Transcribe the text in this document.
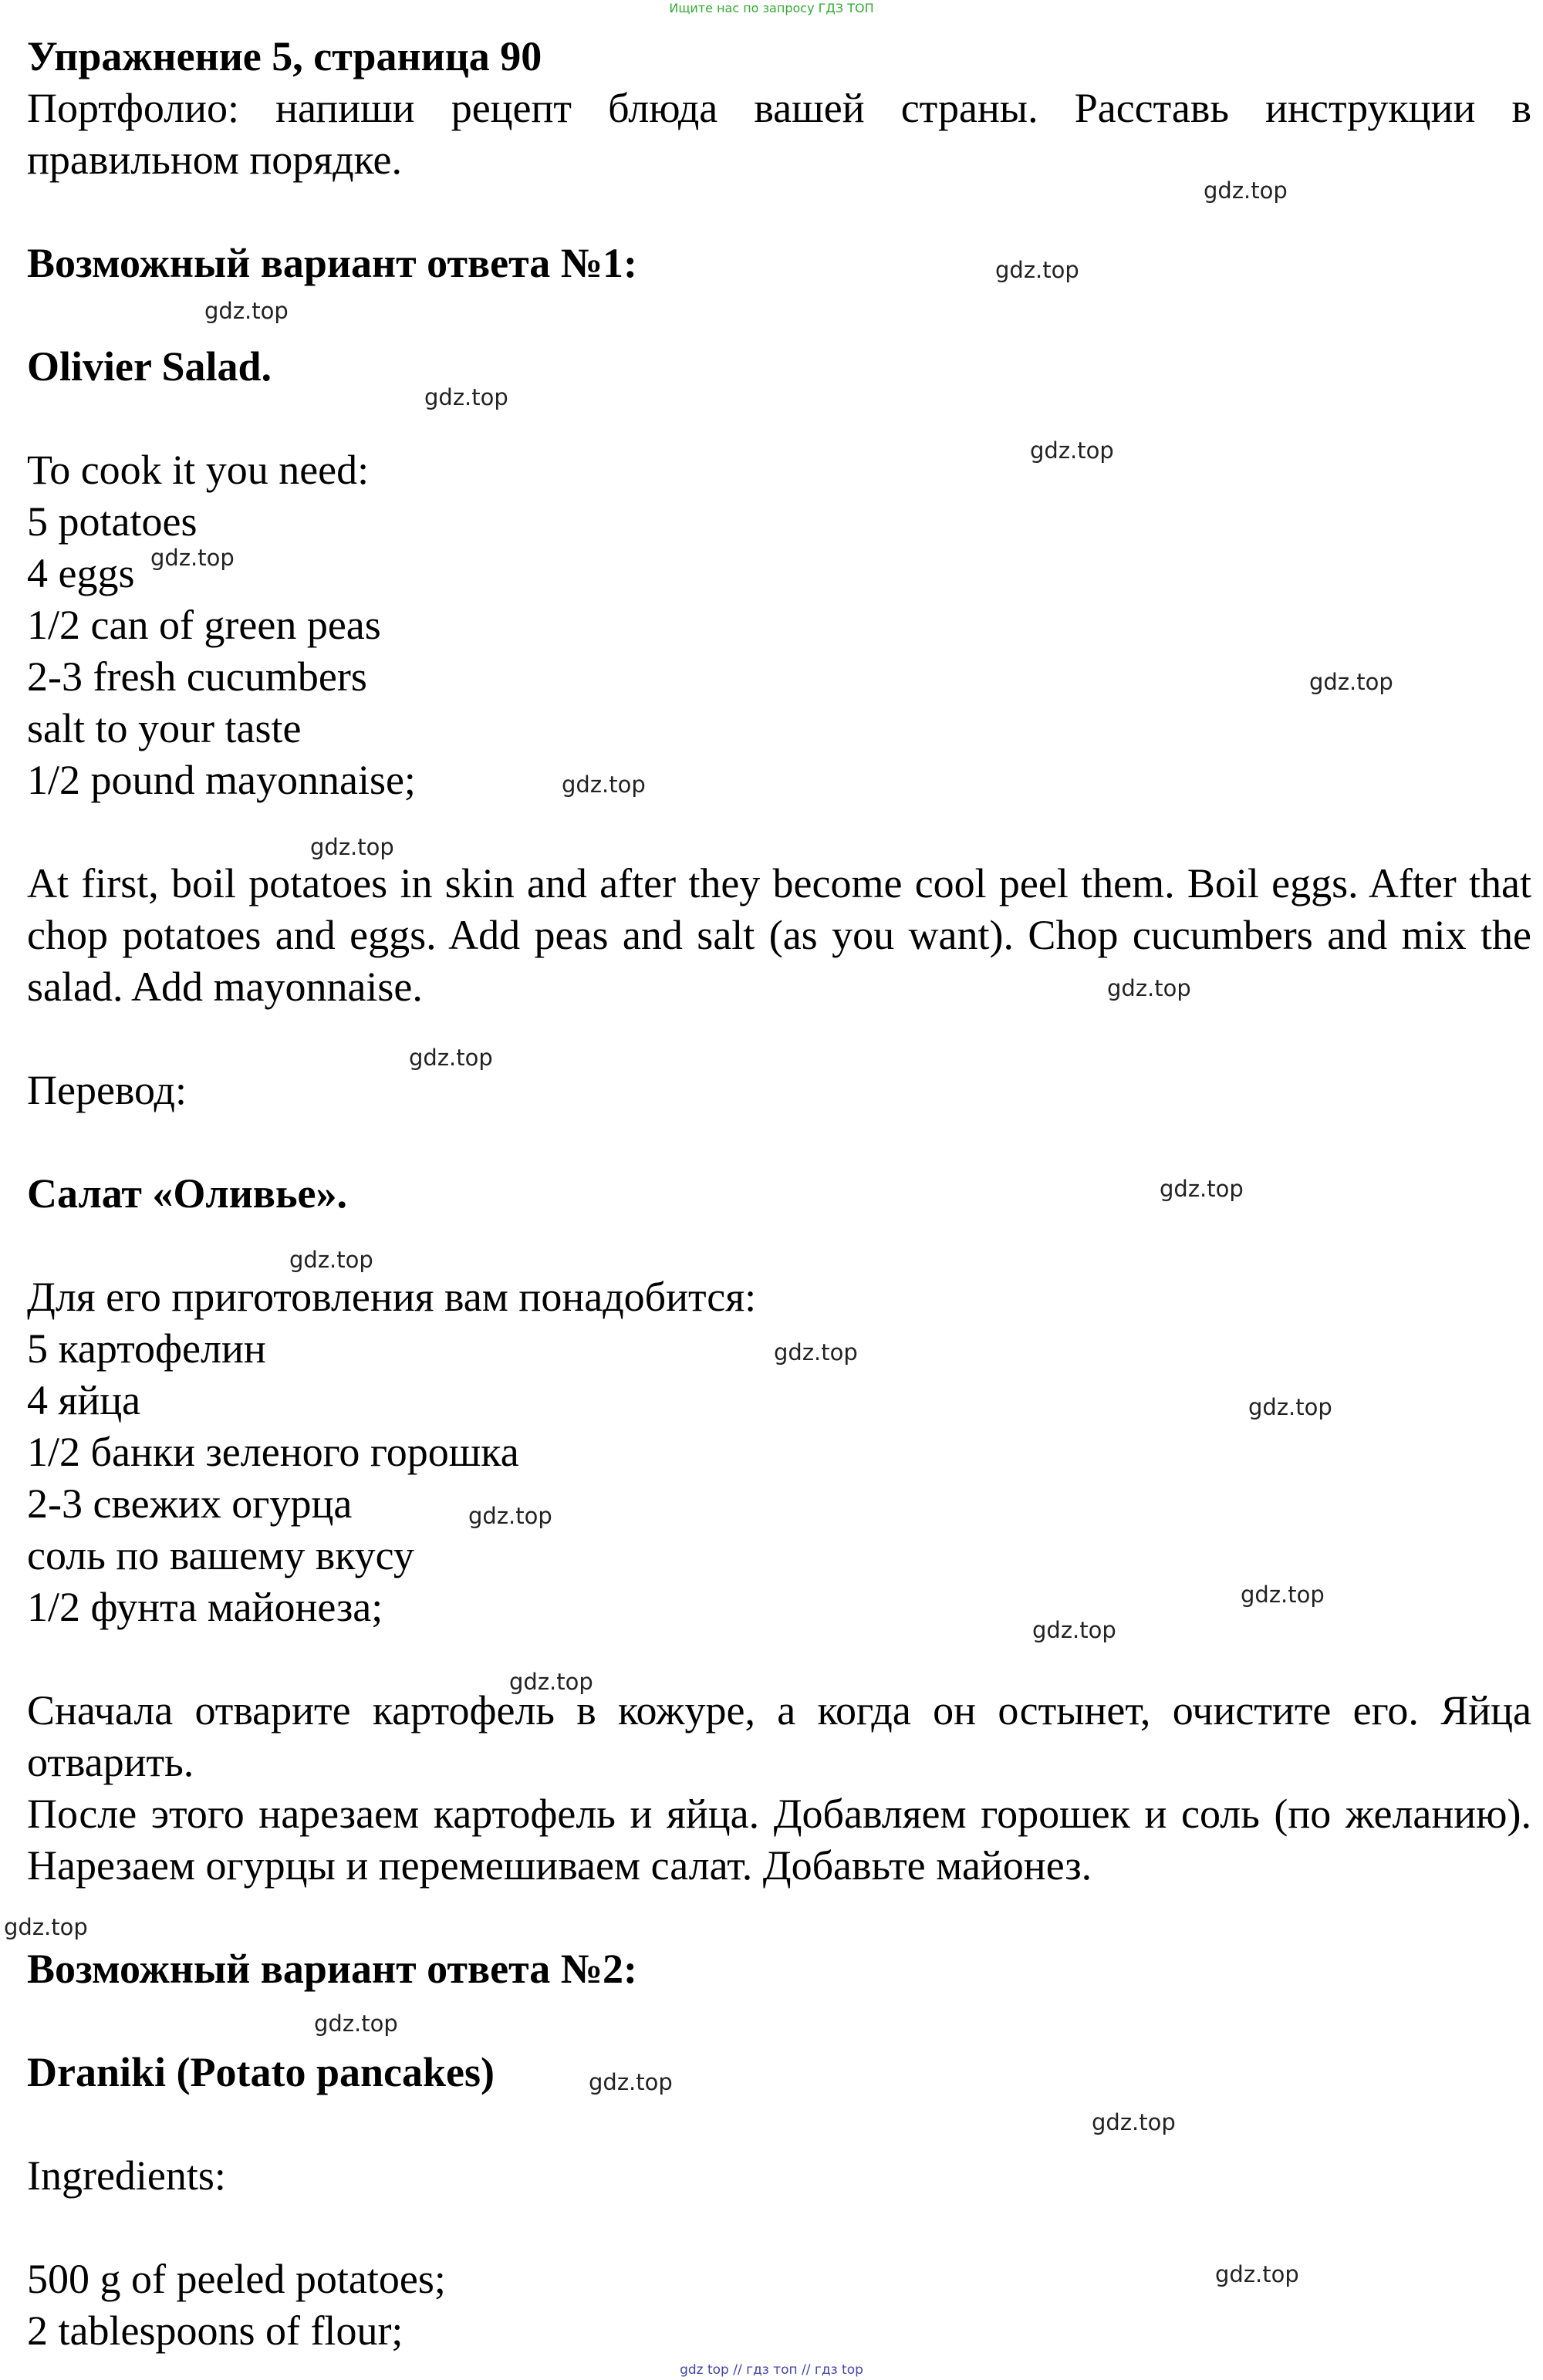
Ищите нас по запросу ГДЗ ТОП
Упражнение 5, страница 90
Портфолио: напиши рецепт блюда вашей страны. Расставь инструкции в правильном порядке.
Возможный вариант ответа №1:
Olivier Salad.
To cook it you need:
5 potatoes
4 eggs
1/2 can of green peas
2-3 fresh cucumbers
salt to your taste
1/2 pound mayonnaise;
At first, boil potatoes in skin and after they become cool peel them. Boil eggs. After that chop potatoes and eggs. Add peas and salt (as you want). Chop cucumbers and mix the salad. Add mayonnaise.
Перевод:
Салат «Оливье».
Для его приготовления вам понадобится:
5 картофелин
4 яйца
1/2 банки зеленого горошка
2-3 свежих огурца
соль по вашему вкусу
1/2 фунта майонеза;
Сначала отварите картофель в кожуре, а когда он остынет, очистите его. Яйца отварить.
После этого нарезаем картофель и яйца. Добавляем горошек и соль (по желанию). Нарезаем огурцы и перемешиваем салат. Добавьте майонез.
Возможный вариант ответа №2:
Draniki (Potato pancakes)
Ingredients:
500 g of peeled potatoes;
2 tablespoons of flour;
gdz.top
gdz.top
gdz.top
gdz.top
gdz.top
gdz.top
gdz.top
gdz.top
gdz.top
gdz.top
gdz.top
gdz.top
gdz.top
gdz.top
gdz.top
gdz.top
gdz.top
gdz.top
gdz.top
gdz.top
gdz.top
gdz.top
gdz.top
gdz.top
gdz top // гдз топ // гдз top
